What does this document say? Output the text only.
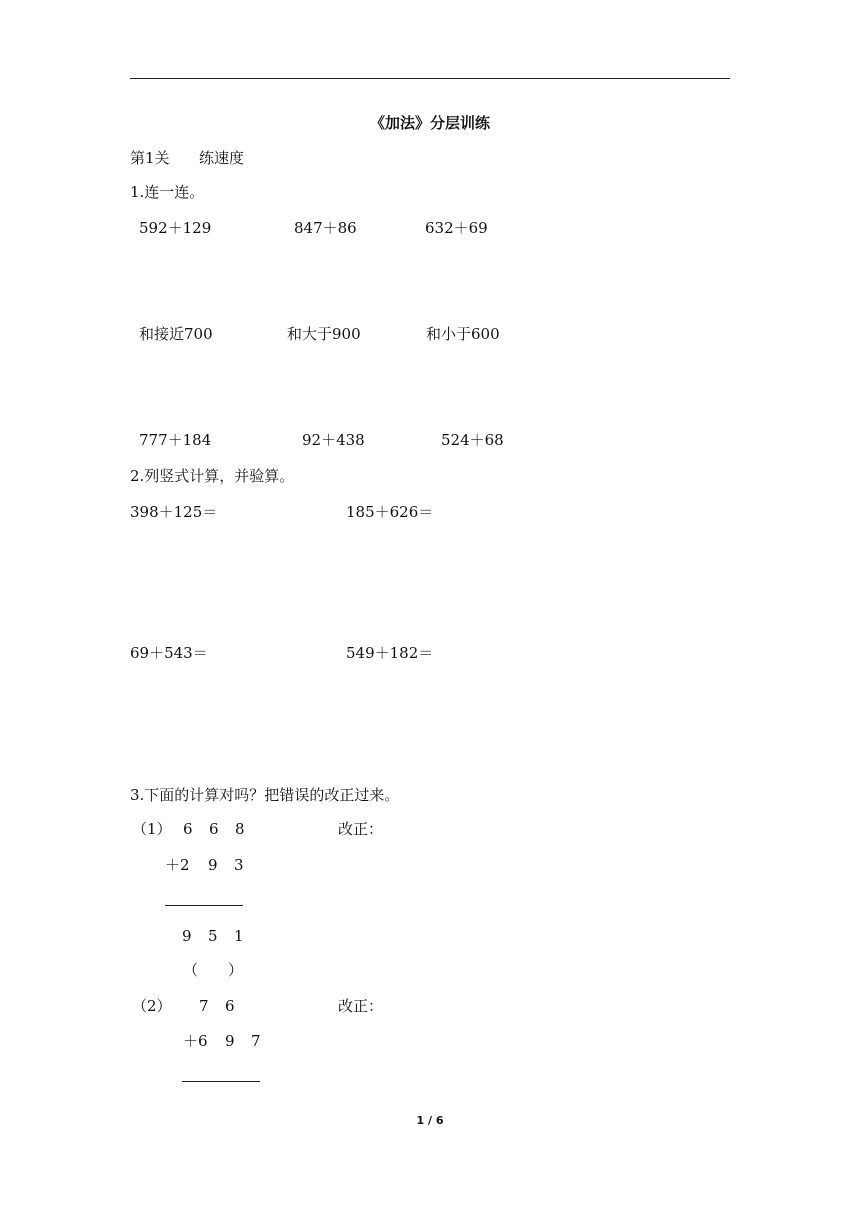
《加法》分层训练
第1关 练速度
1.连一连。
592＋129	847＋86	632＋69
和接近700	和大于900	和小于600
777＋184	92＋438	524＋68
2.列竖式计算，并验算。
398＋125＝	185＋626＝
69＋543＝	549＋182＝
3.下面的计算对吗？把错误的改正过来。
（1） 6 6 8	改正：
＋2 9 3
9 5 1
（　　）
（2） 7 6	改正：
＋6 9 7
1 / 6
